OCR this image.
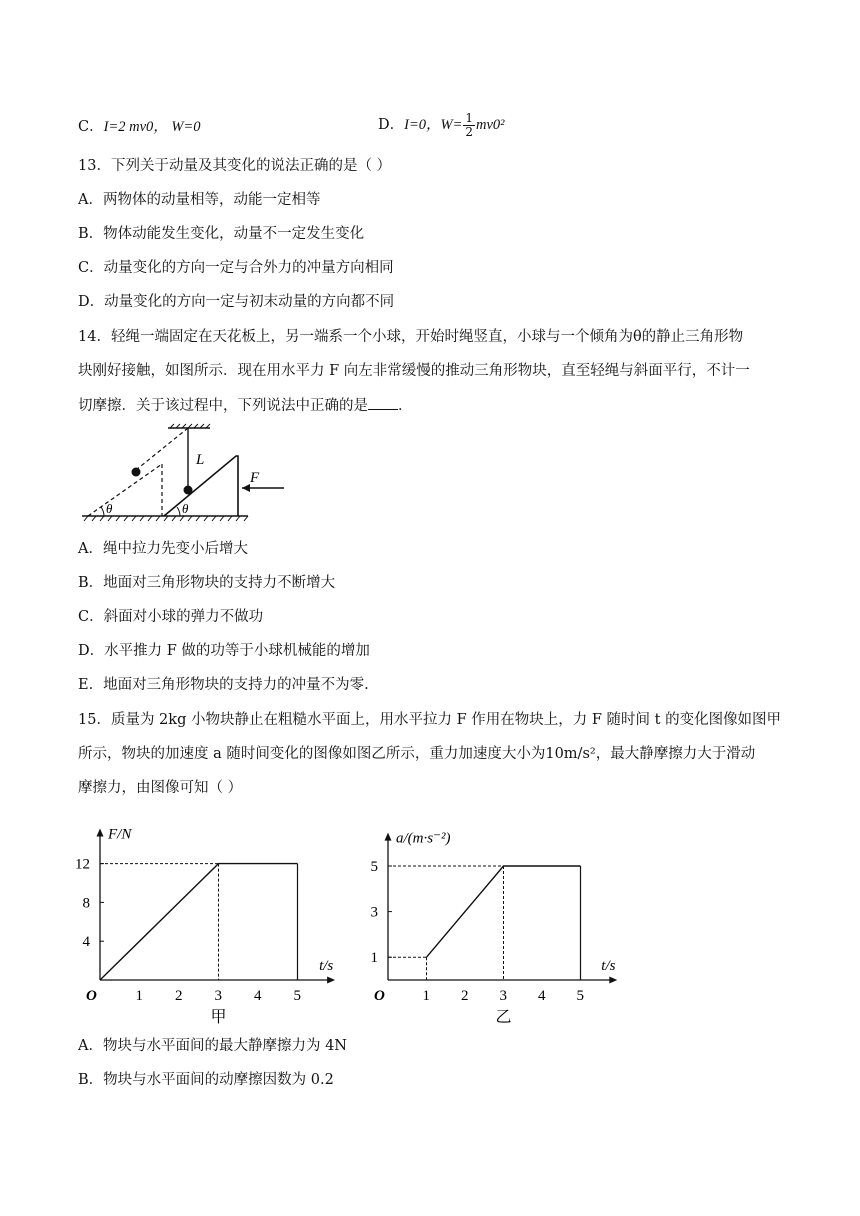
C．I=2 mv0， W=0	D．I=0，$W= \frac{1}{2} mv0^2$
13．下列关于动量及其变化的说法正确的是（ ）
A．两物体的动量相等，动能一定相等
B．物体动能发生变化，动量不一定发生变化
C．动量变化的方向一定与合外力的冲量方向相同
D．动量变化的方向一定与初末动量的方向都不同
14．轻绳一端固定在天花板上，另一端系一个小球，开始时绳竖直，小球与一个倾角为θ的静止三角形物
块刚好接触，如图所示．现在用水平力 F 向左非常缓慢的推动三角形物块，直至轻绳与斜面平行，不计一
切摩擦．关于该过程中，下列说法中正确的是 ．
θ	θ
L
F
A．绳中拉力先变小后增大
B．地面对三角形物块的支持力不断增大
C．斜面对小球的弹力不做功
D．水平推力 F 做的功等于小球机械能的增加
E．地面对三角形物块的支持力的冲量不为零.
15．质量为 2kg 小物块静止在粗糙水平面上，用水平拉力 F 作用在物块上，力 F 随时间 t 的变化图像如图甲
所示，物块的加速度 a 随时间变化的图像如图乙所示，重力加速度大小为10m/s²，最大静摩擦力大于滑动
摩擦力，由图像可知（ ）
F/N
t/s
O	1 2 3 4 5
4
8
12
甲
a/(m·s⁻²)
t/s
O	1 2 3 4 5
1
3
5
乙
A．物块与水平面间的最大静摩擦力为 4N
B．物块与水平面间的动摩擦因数为 0.2
